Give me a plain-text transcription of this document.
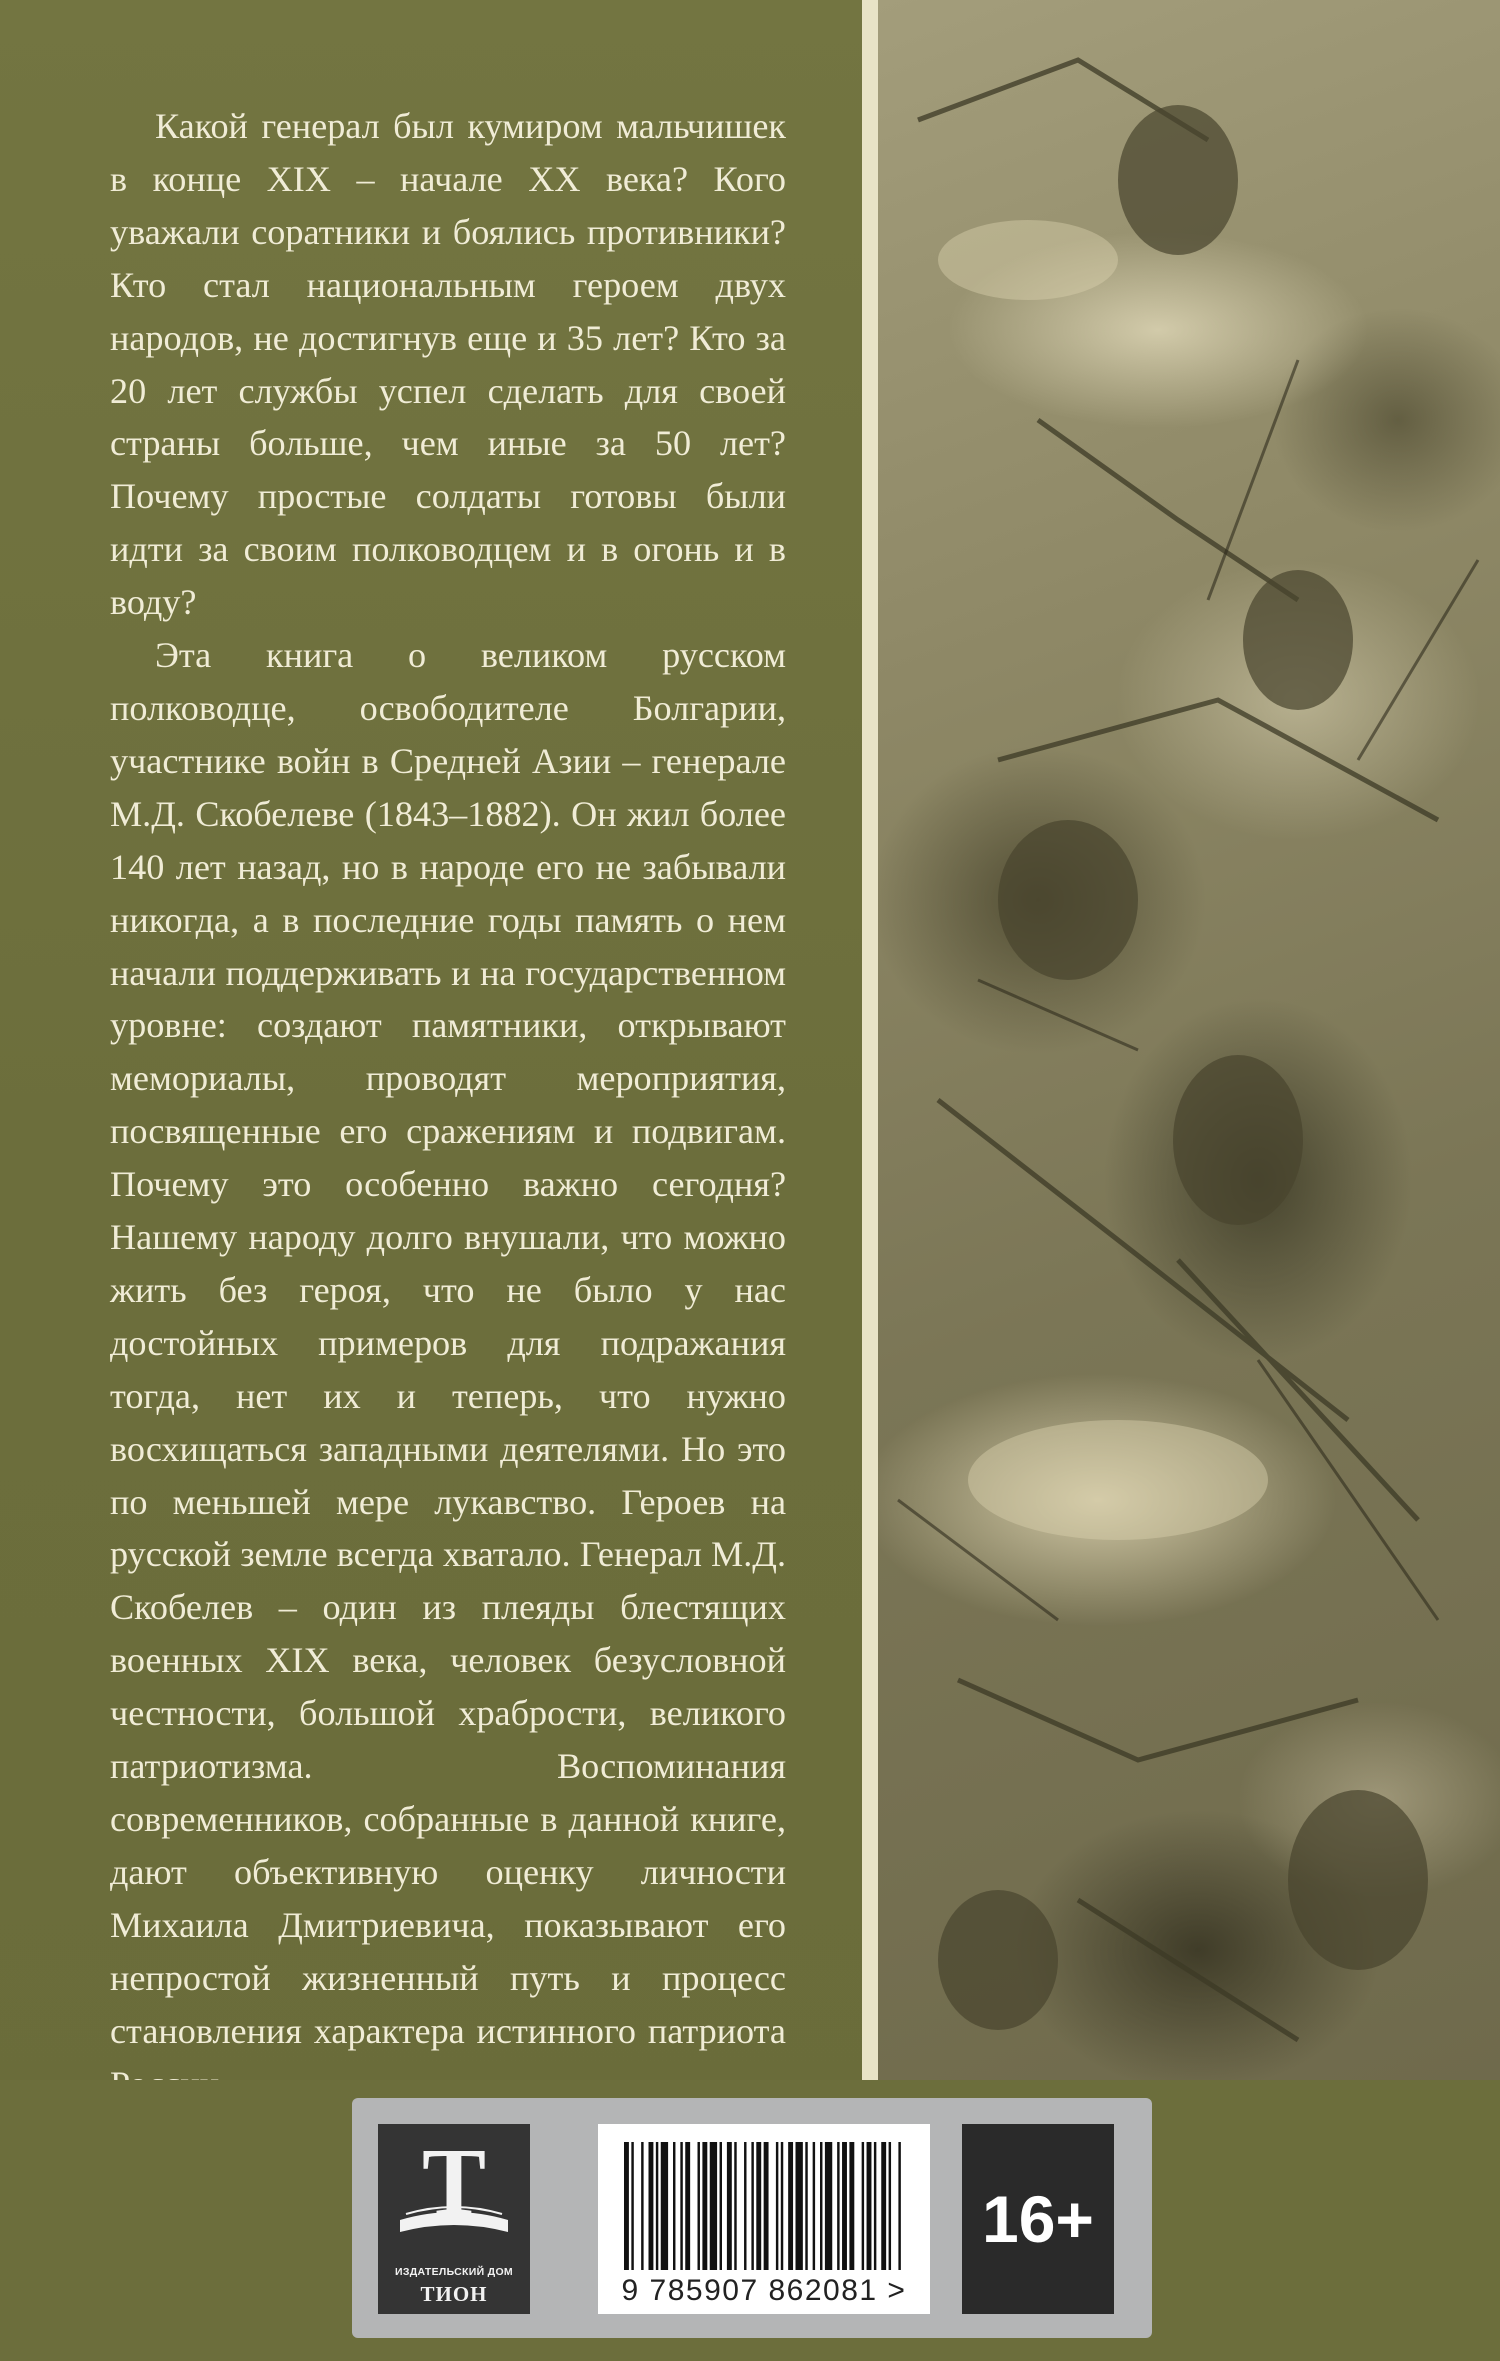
Какой генерал был кумиром мальчишек в конце XIX – начале XX века? Кого уважали соратники и боялись противники? Кто стал национальным героем двух народов, не достигнув еще и 35 лет? Кто за 20 лет службы успел сделать для своей страны больше, чем иные за 50 лет? Почему простые солдаты готовы были идти за своим полководцем и в огонь и в воду?

Эта книга о великом русском полководце, освободителе Болгарии, участнике войн в Средней Азии – генерале М.Д. Скобелеве (1843–1882). Он жил более 140 лет назад, но в народе его не забывали никогда, а в последние годы память о нем начали поддерживать и на государственном уровне: создают памятники, открывают мемориалы, проводят мероприятия, посвященные его сражениям и подвигам. Почему это особенно важно сегодня? Нашему народу долго внушали, что можно жить без героя, что не было у нас достойных примеров для подражания тогда, нет их и теперь, что нужно восхищаться западными деятелями. Но это по меньшей мере лукавство. Героев на русской земле всегда хватало. Генерал М.Д. Скобелев – один из плеяды блестящих военных XIX века, человек безусловной честности, большой храбрости, великого патриотизма. Воспоминания современников, собранные в данной книге, дают объективную оценку личности Михаила Дмитриевича, показывают его непростой жизненный путь и процесс становления характера истинного патриота

Т

ИЗДАТЕЛЬСКИЙ ДОМ

ТИОН	9 785907 862081 >

16+
